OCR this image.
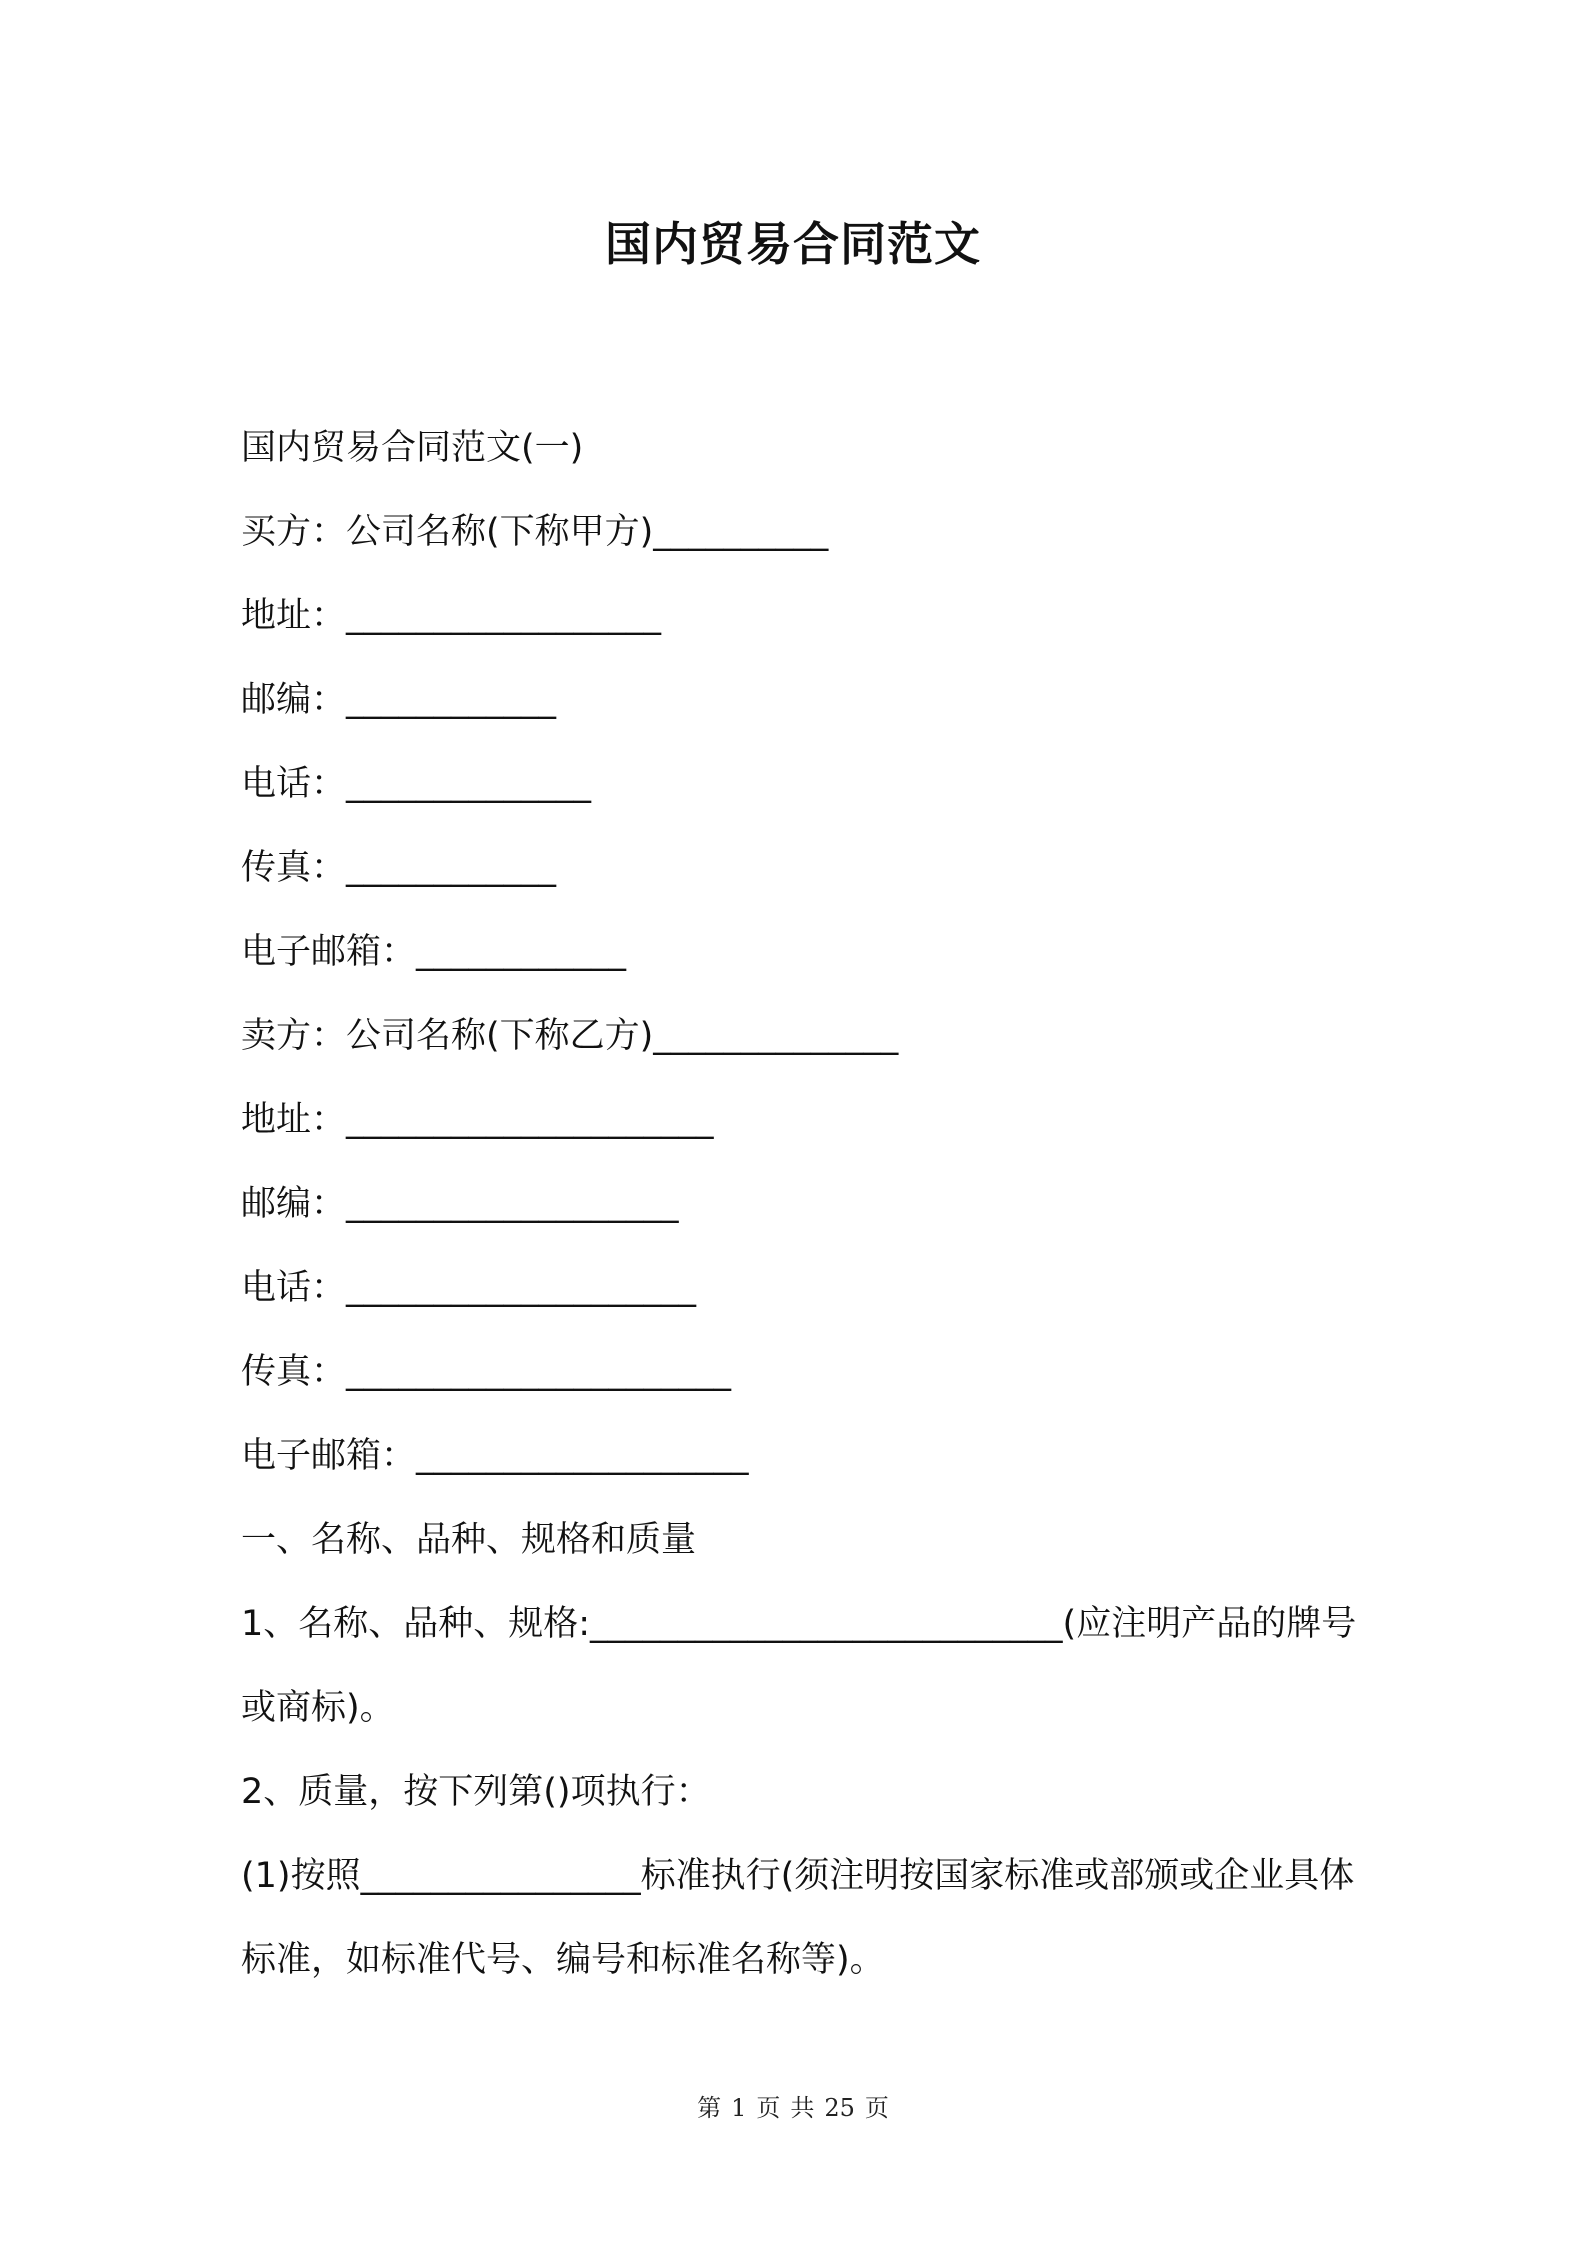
国内贸易合同范文
国内贸易合同范文(一)
买方：公司名称(下称甲方)__________
地址：__________________
邮编：____________
电话：______________
传真：____________
电子邮箱：____________
卖方：公司名称(下称乙方)______________
地址：_____________________
邮编：___________________
电话：____________________
传真：______________________
电子邮箱：___________________
一、名称、品种、规格和质量
1、名称、品种、规格:___________________________(应注明产品的牌号或商标)。
2、质量，按下列第()项执行：
(1)按照________________标准执行(须注明按国家标准或部颁或企业具体标准，如标准代号、编号和标准名称等)。
第 1 页 共 25 页
